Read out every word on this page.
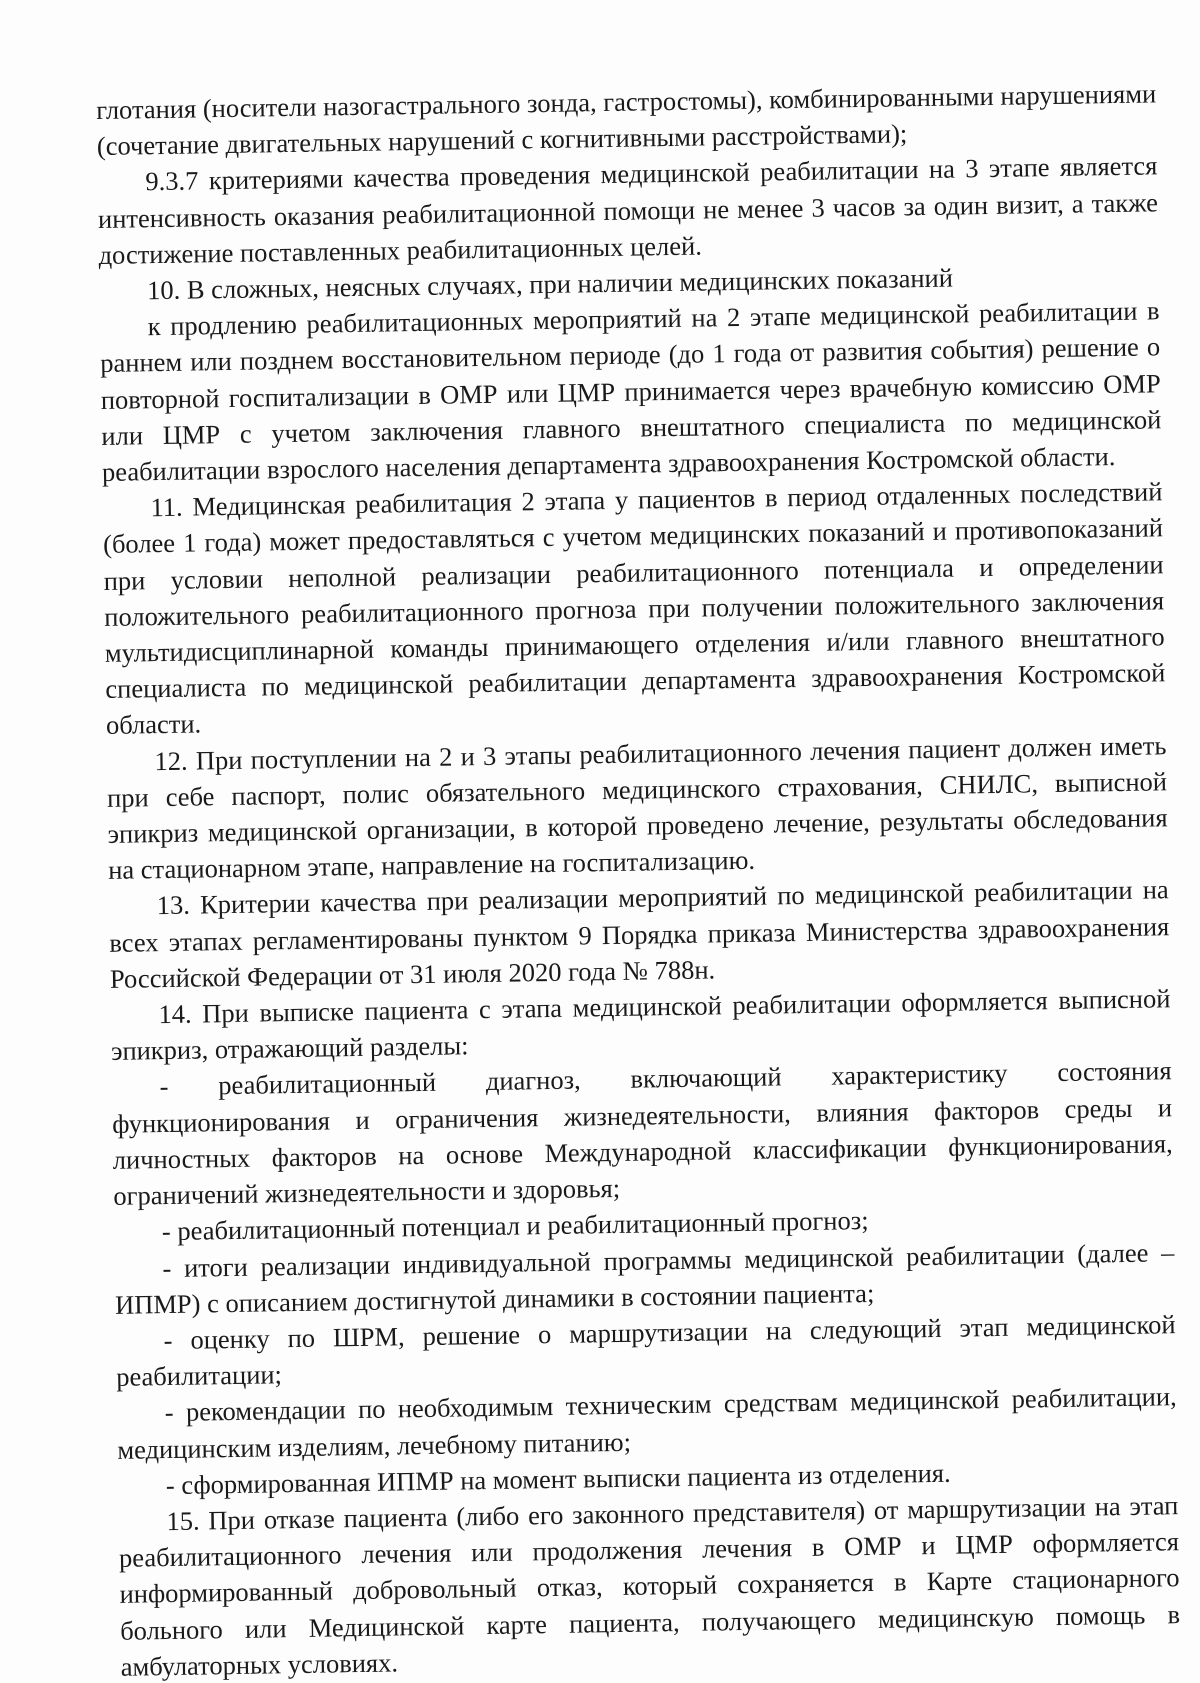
глотания (носители назогастрального зонда, гастростомы), комбинированными нарушениями (сочетание двигательных нарушений с когнитивными расстройствами);

9.3.7 критериями качества проведения медицинской реабилитации на 3 этапе является интенсивность оказания реабилитационной помощи не менее 3 часов за один визит, а также достижение поставленных реабилитационных целей.

10. В сложных, неясных случаях, при наличии медицинских показаний

к продлению реабилитационных мероприятий на 2 этапе медицинской реабилитации в раннем или позднем восстановительном периоде (до 1 года от развития события) решение о повторной госпитализации в ОМР или ЦМР принимается через врачебную комиссию ОМР или ЦМР с учетом заключения главного внештатного специалиста по медицинской реабилитации взрослого населения департамента здравоохранения Костромской области.

11. Медицинская реабилитация 2 этапа у пациентов в период отдаленных последствий (более 1 года) может предоставляться с учетом медицинских показаний и противопоказаний при условии неполной реализации реабилитационного потенциала и определении положительного реабилитационного прогноза при получении положительного заключения мультидисциплинарной команды принимающего отделения и/или главного внештатного специалиста по медицинской реабилитации департамента здравоохранения Костромской области.

12. При поступлении на 2 и 3 этапы реабилитационного лечения пациент должен иметь при себе паспорт, полис обязательного медицинского страхования, СНИЛС, выписной эпикриз медицинской организации, в которой проведено лечение, результаты обследования на стационарном этапе, направление на госпитализацию.

13. Критерии качества при реализации мероприятий по медицинской реабилитации на всех этапах регламентированы пунктом 9 Порядка приказа Министерства здравоохранения Российской Федерации от 31 июля 2020 года № 788н.

14. При выписке пациента с этапа медицинской реабилитации оформляется выписной эпикриз, отражающий разделы:

- реабилитационный диагноз, включающий характеристику состояния функционирования и ограничения жизнедеятельности, влияния факторов среды и личностных факторов на основе Международной классификации функционирования, ограничений жизнедеятельности и здоровья;

- реабилитационный потенциал и реабилитационный прогноз;

- итоги реализации индивидуальной программы медицинской реабилитации (далее – ИПМР) с описанием достигнутой динамики в состоянии пациента;

- оценку по ШРМ, решение о маршрутизации на следующий этап медицинской реабилитации;

- рекомендации по необходимым техническим средствам медицинской реабилитации, медицинским изделиям, лечебному питанию;

- сформированная ИПМР на момент выписки пациента из отделения.

15. При отказе пациента (либо его законного представителя) от маршрутизации на этап реабилитационного лечения или продолжения лечения в ОМР и ЦМР оформляется информированный добровольный отказ, который сохраняется в Карте стационарного больного или Медицинской карте пациента, получающего медицинскую помощь в амбулаторных условиях.
